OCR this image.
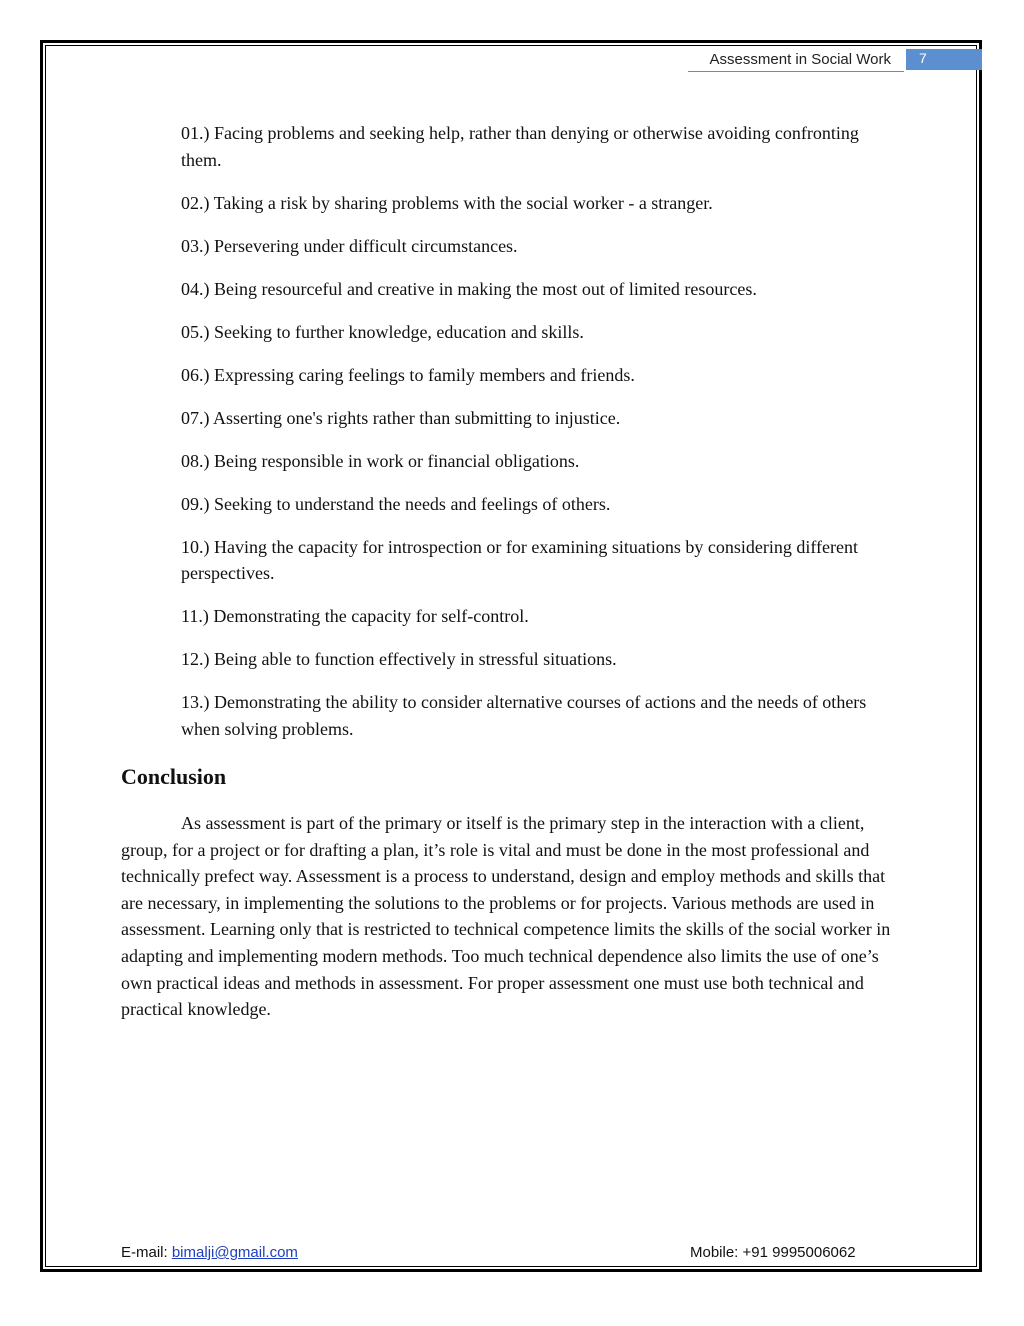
Assessment in Social Work 7
01.) Facing problems and seeking help, rather than denying or otherwise avoiding confronting them.
02.) Taking a risk by sharing problems with the social worker - a stranger.
03.) Persevering under difficult circumstances.
04.) Being resourceful and creative in making the most out of limited resources.
05.) Seeking to further knowledge, education and skills.
06.) Expressing caring feelings to family members and friends.
07.) Asserting one's rights rather than submitting to injustice.
08.) Being responsible in work or financial obligations.
09.) Seeking to understand the needs and feelings of others.
10.) Having the capacity for introspection or for examining situations by considering different perspectives.
11.) Demonstrating the capacity for self-control.
12.) Being able to function effectively in stressful situations.
13.) Demonstrating the ability to consider alternative courses of actions and the needs of others when solving problems.
Conclusion

As assessment is part of the primary or itself is the primary step in the interaction with a client, group, for a project or for drafting a plan, it’s role is vital and must be done in the most professional and technically prefect way. Assessment is a process to understand, design and employ methods and skills that are necessary, in implementing the solutions to the problems or for projects. Various methods are used in assessment. Learning only that is restricted to technical competence limits the skills of the social worker in adapting and implementing modern methods. Too much technical dependence also limits the use of one’s own practical ideas and methods in assessment. For proper assessment one must use both technical and practical knowledge.

E-mail: bimalji@gmail.com	Mobile: +91 9995006062
